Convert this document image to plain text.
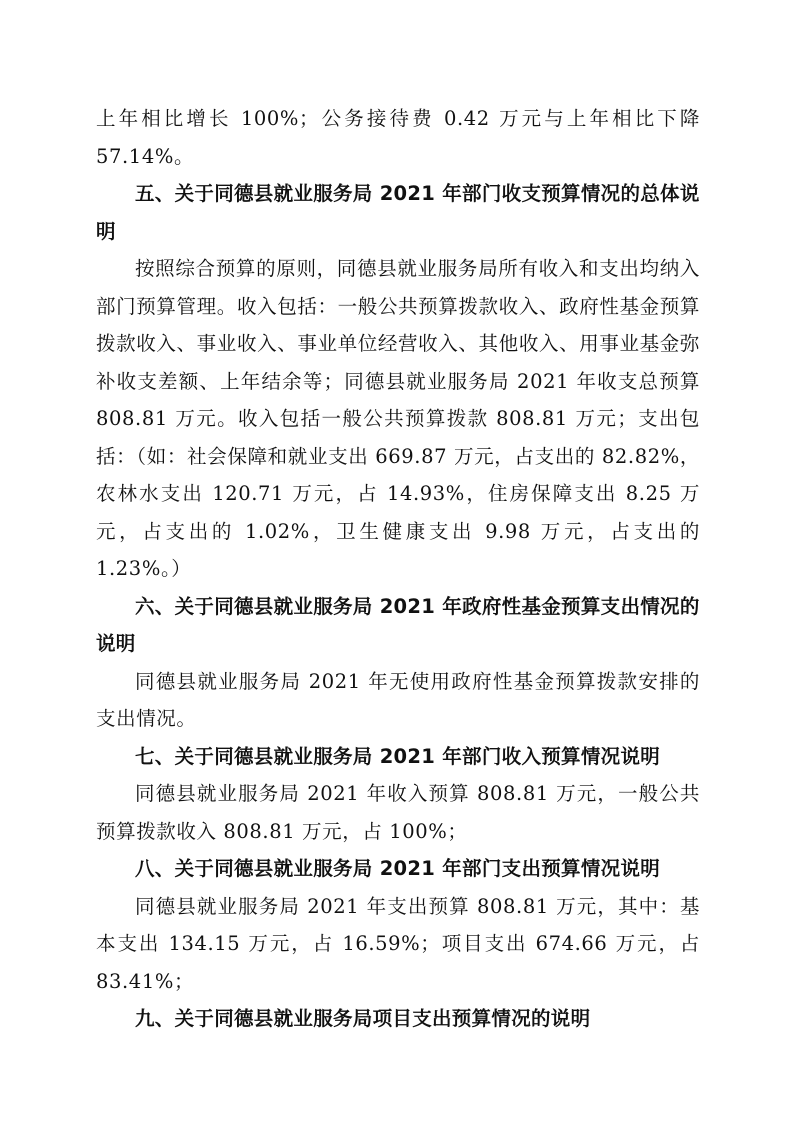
上年相比增长 100%；公务接待费 0.42 万元与上年相比下降 57.14%。

五、关于同德县就业服务局 2021 年部门收支预算情况的总体说明

按照综合预算的原则，同德县就业服务局所有收入和支出均纳入部门预算管理。收入包括：一般公共预算拨款收入、政府性基金预算拨款收入、事业收入、事业单位经营收入、其他收入、用事业基金弥补收支差额、上年结余等；同德县就业服务局 2021 年收支总预算 808.81 万元。收入包括一般公共预算拨款 808.81 万元；支出包括：（如：社会保障和就业支出 669.87 万元，占支出的 82.82%，农林水支出 120.71 万元，占 14.93%，住房保障支出 8.25 万元，占支出的 1.02%，卫生健康支出 9.98 万元，占支出的 1.23%。）

六、关于同德县就业服务局 2021 年政府性基金预算支出情况的说明

同德县就业服务局 2021 年无使用政府性基金预算拨款安排的支出情况。

七、关于同德县就业服务局 2021 年部门收入预算情况说明

同德县就业服务局 2021 年收入预算 808.81 万元，一般公共预算拨款收入 808.81 万元，占 100%；

八、关于同德县就业服务局 2021 年部门支出预算情况说明

同德县就业服务局 2021 年支出预算 808.81 万元，其中：基本支出 134.15 万元，占 16.59%；项目支出 674.66 万元，占 83.41%；

九、关于同德县就业服务局项目支出预算情况的说明
